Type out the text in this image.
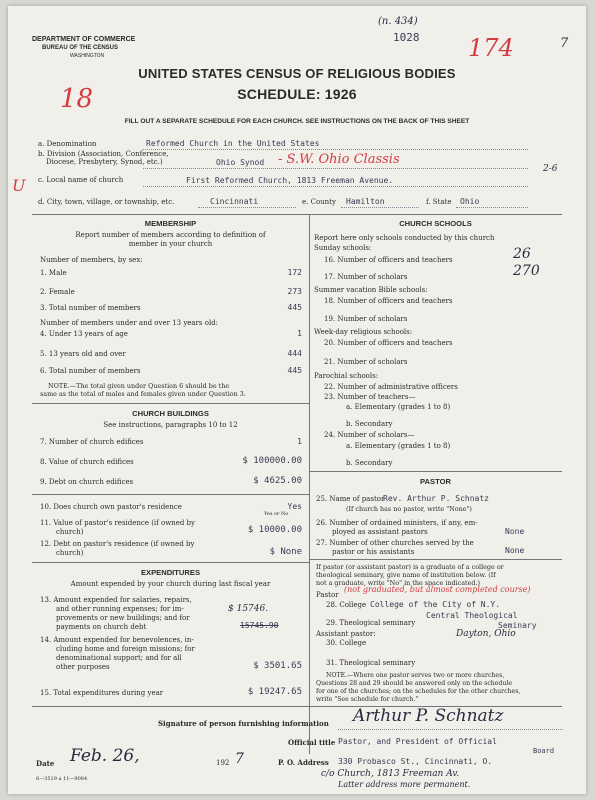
DEPARTMENT OF COMMERCE
BUREAU OF THE CENSUS
WASHINGTON
(n. 434)
1028 174	7
UNITED STATES CENSUS OF RELIGIOUS BODIES
18	SCHEDULE: 1926
FILL OUT A SEPARATE SCHEDULE FOR EACH CHURCH. SEE INSTRUCTIONS ON THE BACK OF THIS SHEET
a. Denomination	Reformed Church in the United States
b. Division (Association, Conference,
Diocese, Presbytery, Synod, etc.)	Ohio Synod - S.W. Ohio Classis
2-6
c. Local name of church	First Reformed Church, 1813 Freeman Avenue.
U
d. City, town, village, or township, etc.	Cincinnati	e. County Hamilton	f. State Ohio
MEMBERSHIP
Report number of members according to definition of
member in your church
Number of members, by sex:
1. Male	172
2. Female	273
3. Total number of members	445
Number of members under and over 13 years old:
4. Under 13 years of age	1
5. 13 years old and over	444
6. Total number of members	445
NOTE.—The total given under Question 6 should be the
same as the total of males and females given under Question 3.
CHURCH BUILDINGS
See instructions, paragraphs 10 to 12
7. Number of church edifices	1
8. Value of church edifices	$ 100000.00
9. Debt on church edifices	$ 4625.00
10. Does church own pastor's residence	Yes
Yes or No
11. Value of pastor's residence (if owned by
church)	$ 10000.00
12. Debt on pastor's residence (if owned by
church)	$ None
EXPENDITURES
Amount expended by your church during last fiscal year
13. Amount expended for salaries, repairs,
and other running expenses; for im-
provements or new buildings; and for
payments on church debt
$ 15746.
15745.90
14. Amount expended for benevolences, in-
cluding home and foreign missions; for
denominational support; and for all
other purposes	$ 3501.65
15. Total expenditures during year	$ 19247.65
CHURCH SCHOOLS
Report here only schools conducted by this church
Sunday schools:
16. Number of officers and teachers	26
17. Number of scholars	270
Summer vacation Bible schools:
18. Number of officers and teachers
19. Number of scholars
Week-day religious schools:
20. Number of officers and teachers
21. Number of scholars
Parochial schools:
22. Number of administrative officers
23. Number of teachers—
a. Elementary (grades 1 to 8)
b. Secondary
24. Number of scholars—
a. Elementary (grades 1 to 8)
b. Secondary
PASTOR
25. Name of pastor
Rev. Arthur P. Schnatz
(If church has no pastor, write "None")
26. Number of ordained ministers, if any, em-
ployed as assistant pastors	None
27. Number of other churches served by the
pastor or his assistants	None
If pastor (or assistant pastor) is a graduate of a college or
theological seminary, give name of institution below. (If
not a graduate, write "No" in the space indicated.)
Pastor
(not graduated, but almost completed course)
28. College College of the City of N.Y.
29. Theological seminary
Central Theological
Seminary
Dayton, Ohio
Assistant pastor:
30. College
31. Theological seminary
NOTE.—Where one pastor serves two or more churches,
Questions 28 and 29 should be answered only on the schedule
for one of the churches; on the schedules for the other churches,
write "See schedule for church."
Signature of person furnishing information Arthur P. Schnatz
Official title Pastor, and President of Official
Board
Date Feb. 26,	192 7	P. O. Address 330 Probasco St., Cincinnati, O.
c/o Church, 1813 Freeman Av.
Latter address more permanent.
6—3519 a 11—9084
